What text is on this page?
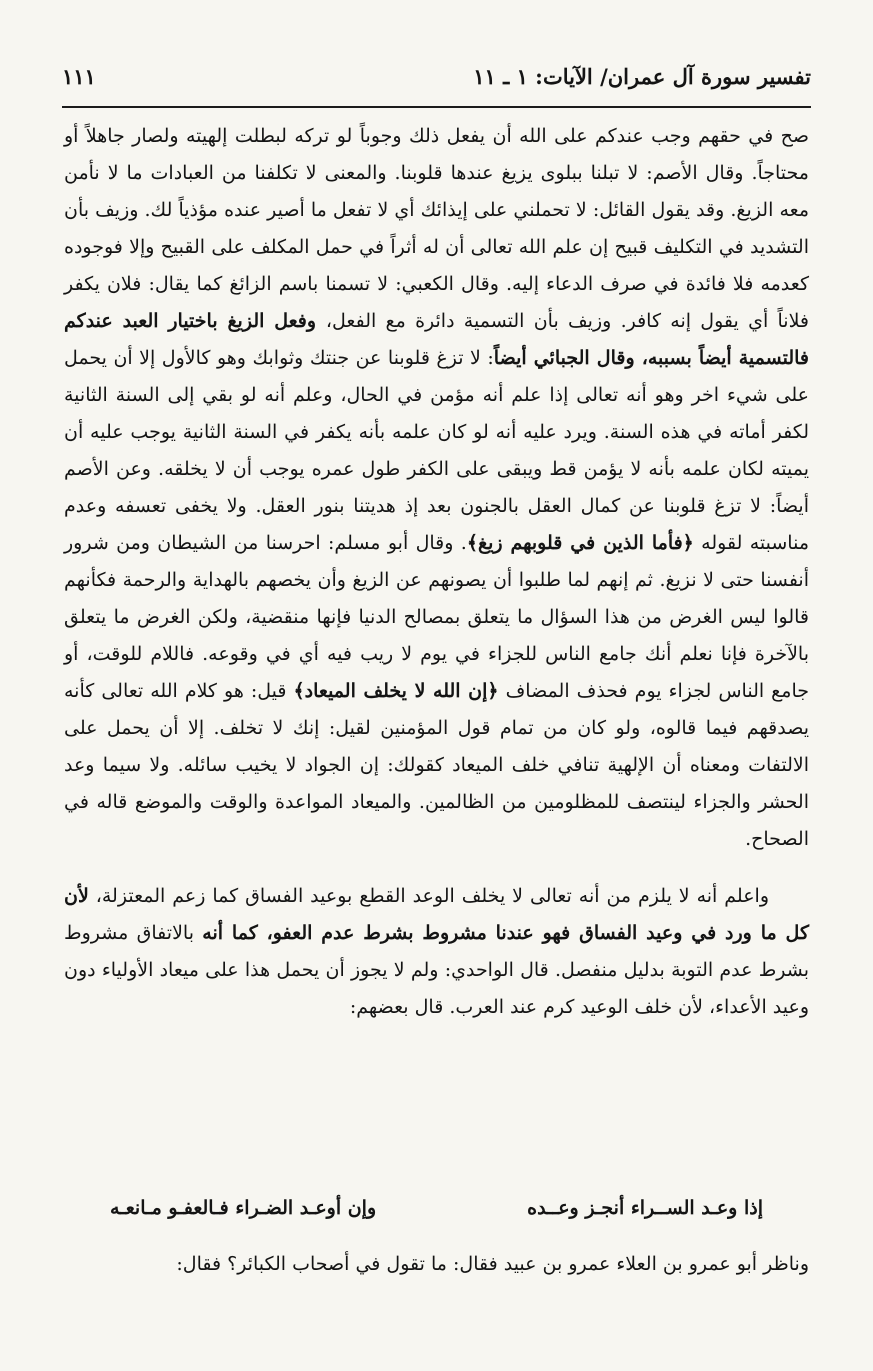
تفسير سورة آل عمران/ الآيات: ١ ـ ١١
١١١

صح في حقهم وجب عندكم على الله أن يفعل ذلك وجوباً لو تركه لبطلت إلهيته ولصار جاهلاً أو محتاجاً. وقال الأصم: لا تبلنا ببلوى يزيغ عندها قلوبنا. والمعنى لا تكلفنا من العبادات ما لا نأمن معه الزيغ. وقد يقول القائل: لا تحملني على إيذائك أي لا تفعل ما أصير عنده مؤذياً لك. وزيف بأن التشديد في التكليف قبيح إن علم الله تعالى أن له أثراً في حمل المكلف على القبيح وإلا فوجوده كعدمه فلا فائدة في صرف الدعاء إليه. وقال الكعبي: لا تسمنا باسم الزائغ كما يقال: فلان يكفر فلاناً أي يقول إنه كافر. وزيف بأن التسمية دائرة مع الفعل، وفعل الزيغ باختيار العبد عندكم فالتسمية أيضاً بسببه، وقال الجبائي أيضاً: لا تزغ قلوبنا عن جنتك وثوابك وهو كالأول إلا أن يحمل على شيء اخر وهو أنه تعالى إذا علم أنه مؤمن في الحال، وعلم أنه لو بقي إلى السنة الثانية لكفر أماته في هذه السنة. ويرد عليه أنه لو كان علمه بأنه يكفر في السنة الثانية يوجب عليه أن يميته لكان علمه بأنه لا يؤمن قط ويبقى على الكفر طول عمره يوجب أن لا يخلقه. وعن الأصم أيضاً: لا تزغ قلوبنا عن كمال العقل بالجنون بعد إذ هديتنا بنور العقل. ولا يخفى تعسفه وعدم مناسبته لقوله ﴿فأما الذين في قلوبهم زيغ﴾. وقال أبو مسلم: احرسنا من الشيطان ومن شرور أنفسنا حتى لا نزيغ. ثم إنهم لما طلبوا أن يصونهم عن الزيغ وأن يخصهم بالهداية والرحمة فكأنهم قالوا ليس الغرض من هذا السؤال ما يتعلق بمصالح الدنيا فإنها منقضية، ولكن الغرض ما يتعلق بالآخرة فإنا نعلم أنك جامع الناس للجزاء في يوم لا ريب فيه أي في وقوعه. فاللام للوقت، أو جامع الناس لجزاء يوم فحذف المضاف ﴿إن الله لا يخلف الميعاد﴾ قيل: هو كلام الله تعالى كأنه يصدقهم فيما قالوه، ولو كان من تمام قول المؤمنين لقيل: إنك لا تخلف. إلا أن يحمل على الالتفات ومعناه أن الإلهية تنافي خلف الميعاد كقولك: إن الجواد لا يخيب سائله. ولا سيما وعد الحشر والجزاء لينتصف للمظلومين من الظالمين. والميعاد المواعدة والوقت والموضع قاله في الصحاح.

واعلم أنه لا يلزم من أنه تعالى لا يخلف الوعد القطع بوعيد الفساق كما زعم المعتزلة، لأن كل ما ورد في وعيد الفساق فهو عندنا مشروط بشرط عدم العفو، كما أنه بالاتفاق مشروط بشرط عدم التوبة بدليل منفصل. قال الواحدي: ولم لا يجوز أن يحمل هذا على ميعاد الأولياء دون وعيد الأعداء، لأن خلف الوعيد كرم عند العرب. قال بعضهم:

إذا وعـد الســراء أنجـز وعــده
وإن أوعـد الضـراء فـالعفـو مـانعـه
وناظر أبو عمرو بن العلاء عمرو بن عبيد فقال: ما تقول في أصحاب الكبائر؟ فقال:
